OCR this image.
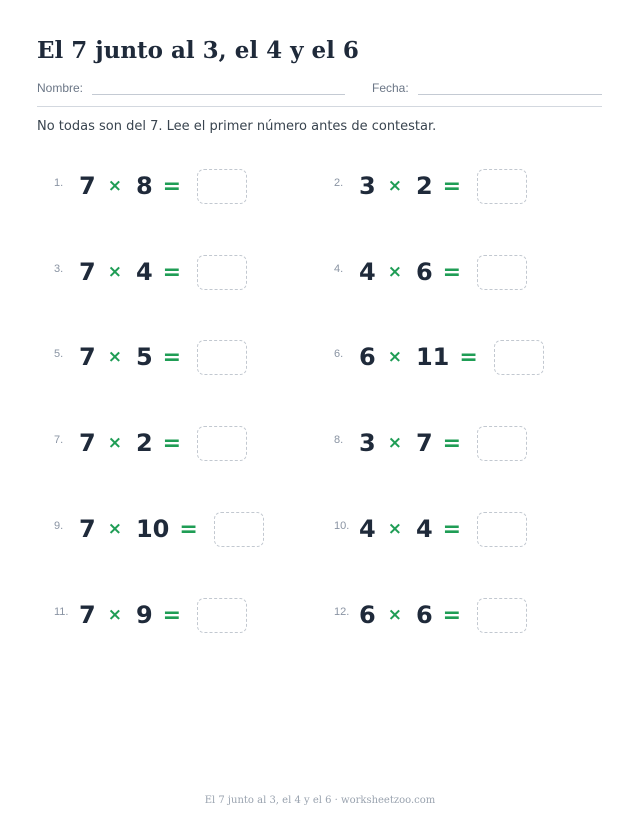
El 7 junto al 3, el 4 y el 6
Nombre:	Fecha:

No todas son del 7. Lee el primer número antes de contestar.

1. 7 × 8 =	2. 3 × 2 =
3. 7 × 4 =	4. 4 × 6 =
5. 7 × 5 =	6. 6 × 11 =
7. 7 × 2 =	8. 3 × 7 =
9. 7 × 10 =	10. 4 × 4 =
11. 7 × 9 =	12. 6 × 6 =
El 7 junto al 3, el 4 y el 6 · worksheetzoo.com
